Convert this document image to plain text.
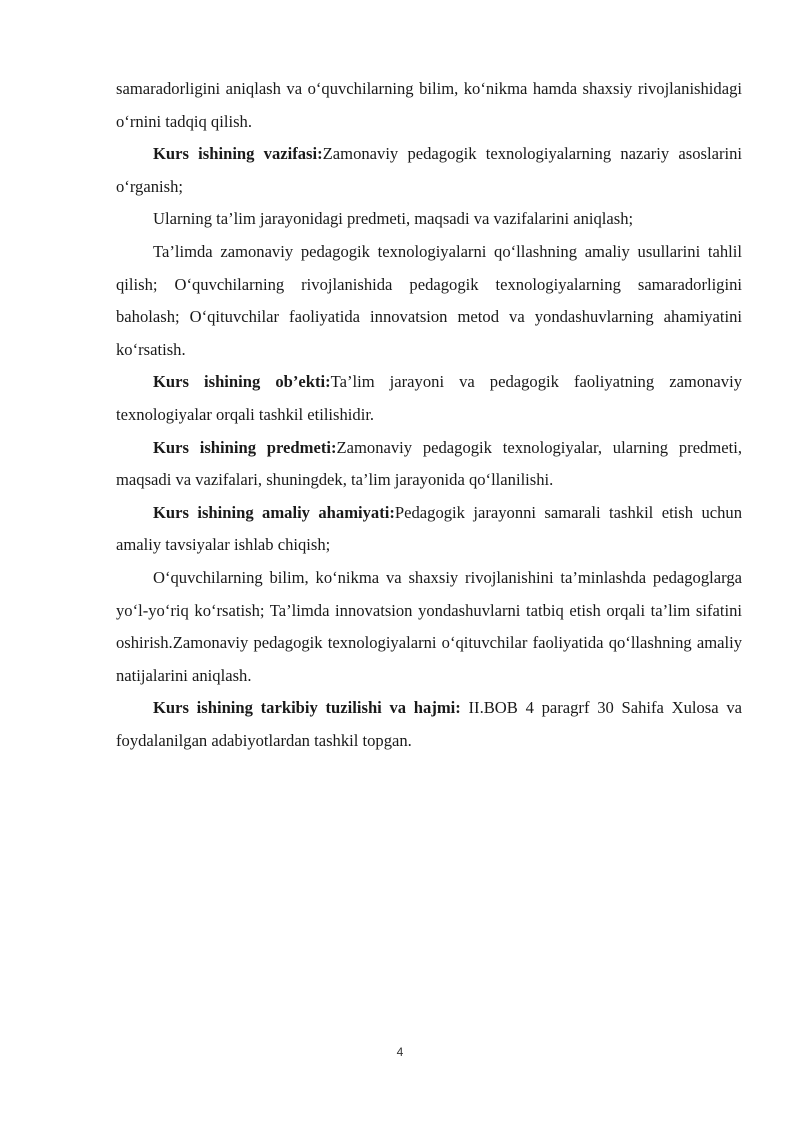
samaradorligini aniqlash va o‘quvchilarning bilim, ko‘nikma hamda shaxsiy rivojlanishidagi o‘rnini tadqiq qilish.

Kurs ishining vazifasi:Zamonaviy pedagogik texnologiyalarning nazariy asoslarini o‘rganish;

Ularning ta’lim jarayonidagi predmeti, maqsadi va vazifalarini aniqlash;

Ta’limda zamonaviy pedagogik texnologiyalarni qo‘llashning amaliy usullarini tahlil qilish; O‘quvchilarning rivojlanishida pedagogik texnologiyalarning samaradorligini baholash; O‘qituvchilar faoliyatida innovatsion metod va yondashuvlarning ahamiyatini ko‘rsatish.

Kurs ishining ob’ekti:Ta’lim jarayoni va pedagogik faoliyatning zamonaviy texnologiyalar orqali tashkil etilishidir.

Kurs ishining predmeti:Zamonaviy pedagogik texnologiyalar, ularning predmeti, maqsadi va vazifalari, shuningdek, ta’lim jarayonida qo‘llanilishi.

Kurs ishining amaliy ahamiyati:Pedagogik jarayonni samarali tashkil etish uchun amaliy tavsiyalar ishlab chiqish;

O‘quvchilarning bilim, ko‘nikma va shaxsiy rivojlanishini ta’minlashda pedagoglarga yo‘l-yo‘riq ko‘rsatish; Ta’limda innovatsion yondashuvlarni tatbiq etish orqali ta’lim sifatini oshirish.Zamonaviy pedagogik texnologiyalarni o‘qituvchilar faoliyatida qo‘llashning amaliy natijalarini aniqlash.

Kurs ishining tarkibiy tuzilishi va hajmi: II.BOB 4 paragrf 30 Sahifa Xulosa va foydalanilgan adabiyotlardan tashkil topgan.

4
